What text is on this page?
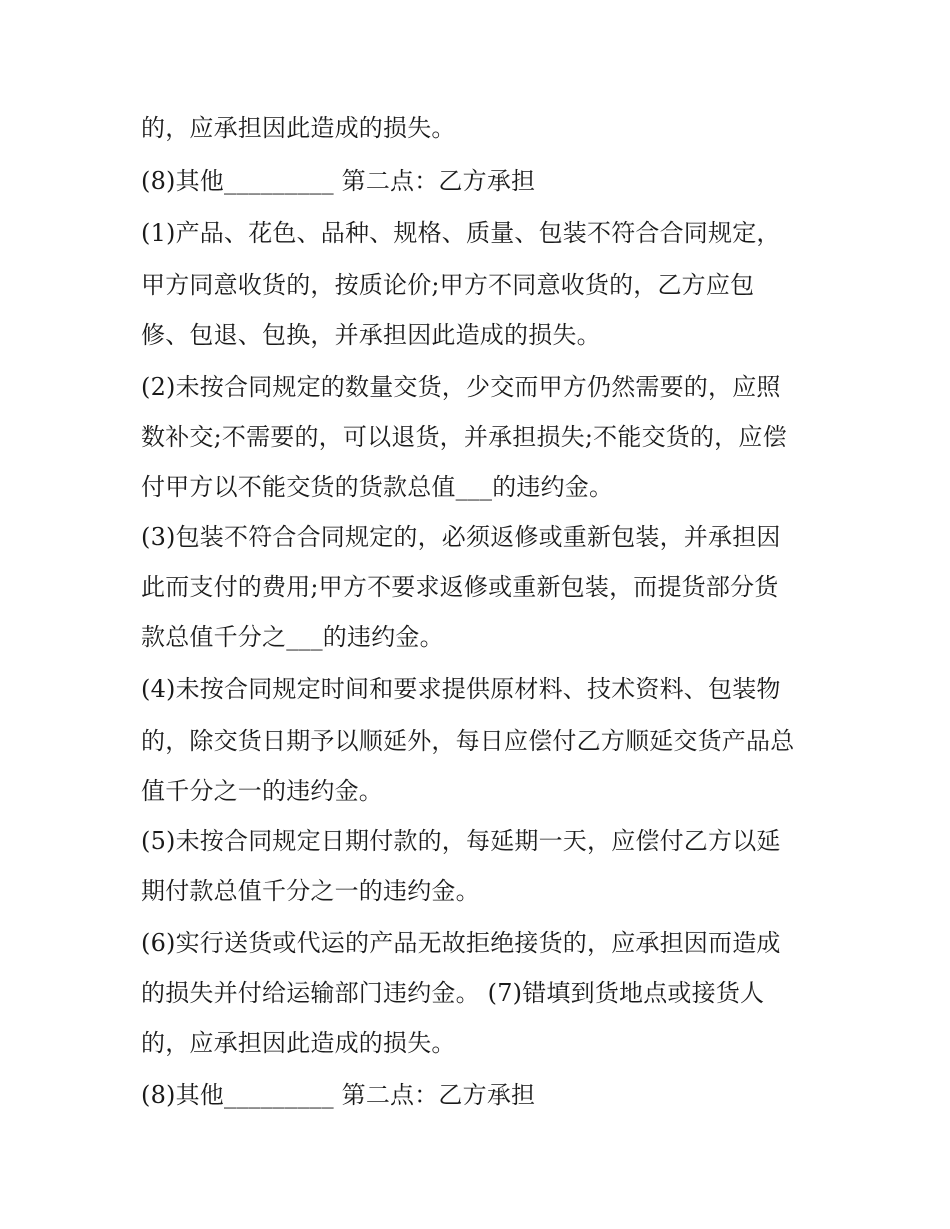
的，应承担因此造成的损失。
(8)其他_________ 第二点：乙方承担
(1)产品、花色、品种、规格、质量、包装不符合合同规定，
甲方同意收货的，按质论价;甲方不同意收货的，乙方应包
修、包退、包换，并承担因此造成的损失。
(2)未按合同规定的数量交货，少交而甲方仍然需要的，应照
数补交;不需要的，可以退货，并承担损失;不能交货的，应偿
付甲方以不能交货的货款总值___的违约金。
(3)包装不符合合同规定的，必须返修或重新包装，并承担因
此而支付的费用;甲方不要求返修或重新包装，而提货部分货
款总值千分之___的违约金。
(4)未按合同规定时间和要求提供原材料、技术资料、包装物
的，除交货日期予以顺延外，每日应偿付乙方顺延交货产品总
值千分之一的违约金。
(5)未按合同规定日期付款的，每延期一天，应偿付乙方以延
期付款总值千分之一的违约金。
(6)实行送货或代运的产品无故拒绝接货的，应承担因而造成
的损失并付给运输部门违约金。 (7)错填到货地点或接货人
的，应承担因此造成的损失。
(8)其他_________ 第二点：乙方承担
